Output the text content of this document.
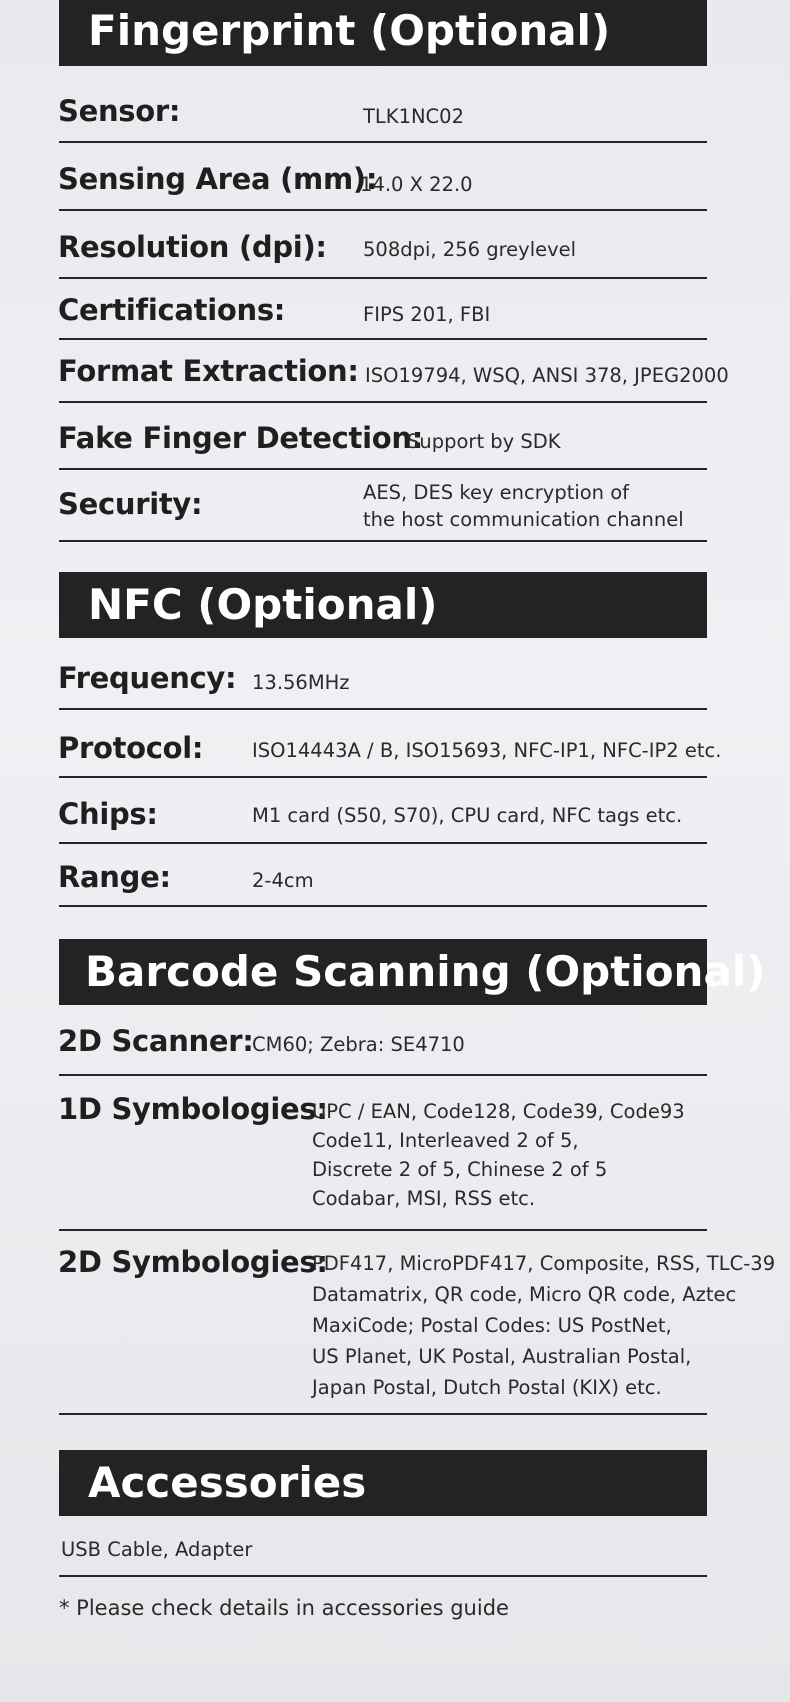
Fingerprint (Optional)
Sensor:	TLK1NC02
Sensing Area (mm):
14.0 X 22.0
Resolution (dpi): 508dpi, 256 greylevel
Certifications:	FIPS 201, FBI
Format Extraction: ISO19794, WSQ, ANSI 378, JPEG2000
Fake Finger Detection:
Support by SDK
Security:	AES, DES key encryption of
the host communication channel
NFC (Optional)
Frequency: 13.56MHz
Protocol:	ISO14443A / B, ISO15693, NFC-IP1, NFC-IP2 etc.
Chips:	M1 card (S50, S70), CPU card, NFC tags etc.
Range:	2-4cm
Barcode Scanning (Optional)
2D Scanner:
CM60; Zebra: SE4710
1D Symbologies:
UPC / EAN, Code128, Code39, Code93
Code11, Interleaved 2 of 5,
Discrete 2 of 5, Chinese 2 of 5
Codabar, MSI, RSS etc.
2D Symbologies:
PDF417, MicroPDF417, Composite, RSS, TLC-39
Datamatrix, QR code, Micro QR code, Aztec
MaxiCode; Postal Codes: US PostNet,
US Planet, UK Postal, Australian Postal,
Japan Postal, Dutch Postal (KIX) etc.
Accessories
USB Cable, Adapter
* Please check details in accessories guide
